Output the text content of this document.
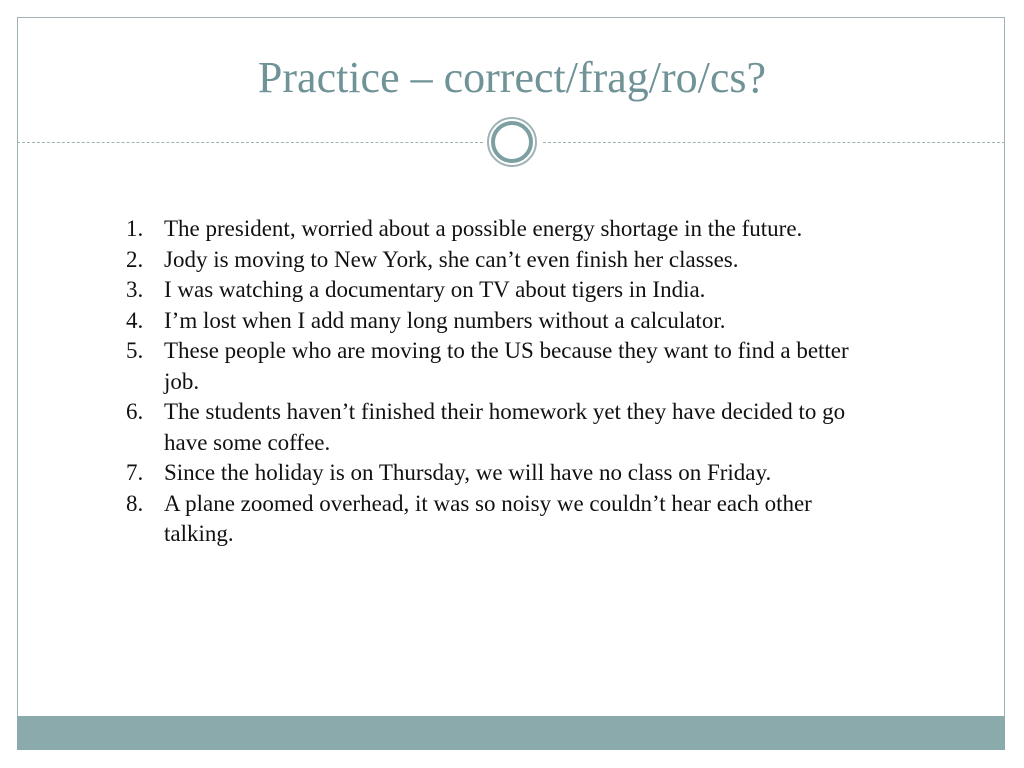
Practice – correct/frag/ro/cs?
1. The president, worried about a possible energy shortage in the future.
2. Jody is moving to New York, she can’t even finish her classes.
3. I was watching a documentary on TV about tigers in India.
4. I’m lost when I add many long numbers without a calculator.
5. These people who are moving to the US because they want to find a better job.
6. The students haven’t finished their homework yet they have decided to go have some coffee.
7. Since the holiday is on Thursday, we will have no class on Friday.
8. A plane zoomed overhead, it was so noisy we couldn’t hear each other talking.
